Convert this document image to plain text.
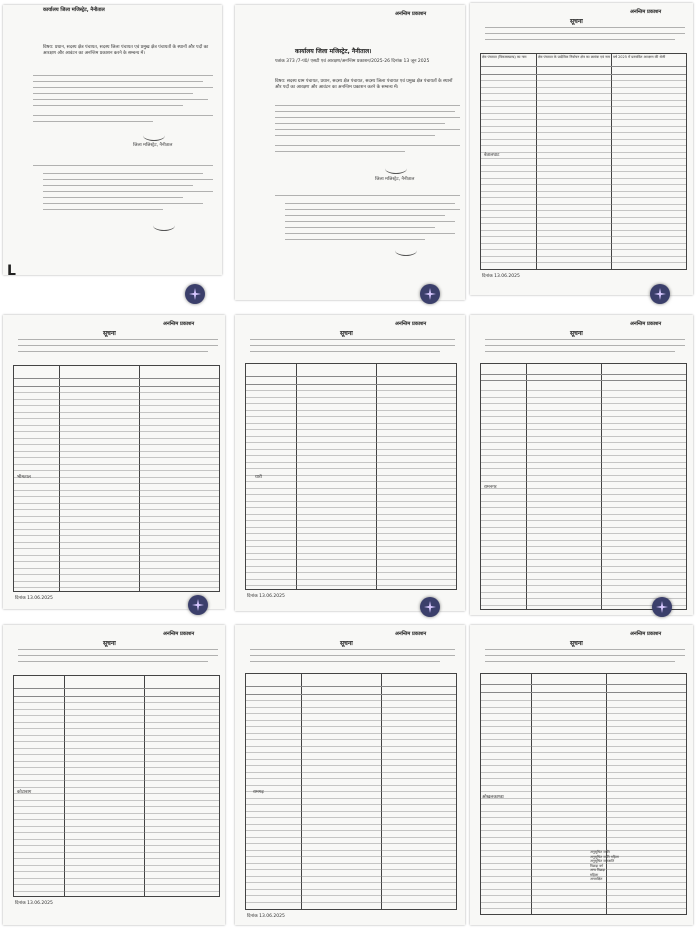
कार्यालय जिला मजिस्ट्रेट, नैनीताल
विषय: प्रधान, सदस्य क्षेत्र पंचायत, सदस्य जिला पंचायत एवं प्रमुख क्षेत्र पंचायतों के स्थानों और पदों का आरक्षण और आवंटन का अनन्तिम प्रकाशन करने के सम्बन्ध में।
जिला मजिस्ट्रेट, नैनीताल
L
अनन्तिम प्रकाशन
कार्यालय जिला मजिस्ट्रेट, नैनीताल।
पत्रांक 373 /7-पं0/ एसटी एवं आरक्षण/अनन्तिम प्रकाशन/2025-26 दिनांक 13 जून 2025
विषय: सदस्य ग्राम पंचायत, प्रधान, सदस्य क्षेत्र पंचायत, सदस्य जिला पंचायत एवं प्रमुख क्षेत्र पंचायतों के स्थानों और पदों का आरक्षण और आवंटन का अनन्तिम प्रकाशन करने के सम्बन्ध में।
जिला मजिस्ट्रेट, नैनीताल
अनन्तिम प्रकाशन
सूचना
क्षेत्र पंचायत (विकासखण्ड) का नाम	क्षेत्र पंचायत के प्रादेशिक निर्वाचन क्षेत्र का क्रमांक एवं नाम वर्ष 2025 में प्रस्तावित आरक्षण की श्रेणी
बेतालघाट
दिनांक 13.06.2025
अनन्तिम प्रकाशन
सूचना
भीमताल
दिनांक 13.06.2025
अनन्तिम प्रकाशन
सूचना
धारी
दिनांक 13.06.2025
अनन्तिम प्रकाशन
सूचना
रामनगर
अनन्तिम प्रकाशन
सूचना
कोटाबाग
दिनांक 13.06.2025
अनन्तिम प्रकाशन
सूचना
रामगढ़
दिनांक 13.06.2025
अनन्तिम प्रकाशन
सूचना
ओखलकाण्डा
अनुसूचित जाति
अनुसूचित जाति महिला
अनुसूचित जनजाति
पिछड़ा वर्ग
अन्य पिछड़ा
महिला
अनारक्षित
